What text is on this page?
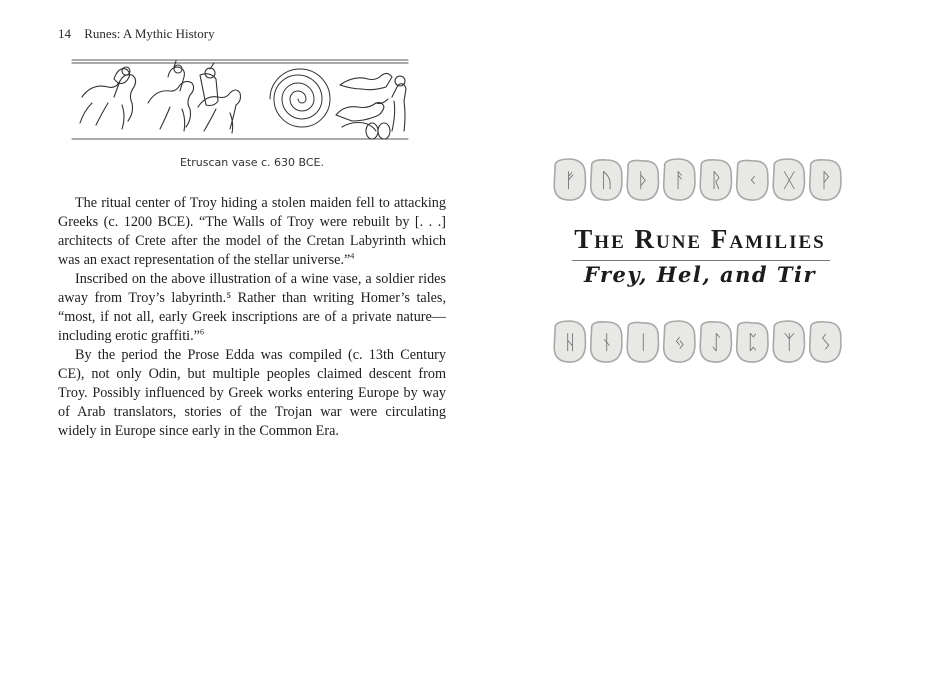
14 Runes: A Mythic History
Etruscan vase c. 630 BCE.

The ritual center of Troy hiding a stolen maiden fell to attacking Greeks (c. 1200 BCE). “The Walls of Troy were rebuilt by [. . .] architects of Crete after the model of the Cretan Labyrinth which was an exact representation of the stellar universe.”$^4$

Inscribed on the above illustration of a wine vase, a soldier rides away from Troy’s labyrinth.⁵ Rather than writing Homer’s tales, “most, if not all, early Greek inscriptions are of a private nature—including erotic graffiti.”$^6$

By the period the Prose Edda was compiled (c. 13th Century CE), not only Odin, but multiple peoples claimed descent from Troy. Possibly influenced by Greek works entering Europe by way of Arab translators, stories of the Trojan war were circulating widely in Europe since early in the Common Era.

ᚠ ᚢ ᚦ ᚨ ᚱ ᚲ ᚷ ᚹ
The Rune Families
Frey, Hel, and Tir
ᚺ ᚾ ᛁ ᛃ ᛇ ᛈ ᛉ ᛊ
